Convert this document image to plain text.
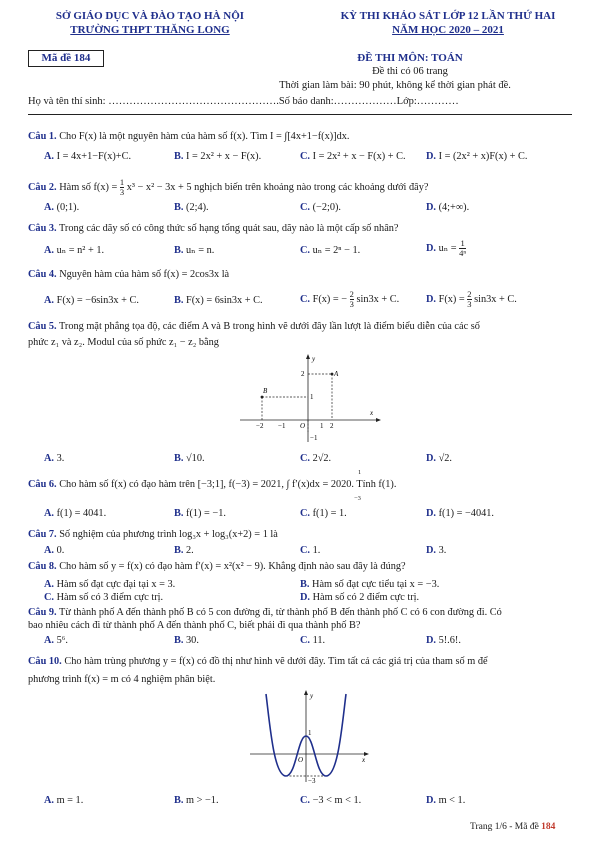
SỞ GIÁO DỤC VÀ ĐÀO TẠO HÀ NỘI
TRƯỜNG THPT THĂNG LONG
KỲ THI KHẢO SÁT LỚP 12 LẦN THỨ HAI
NĂM HỌC 2020 – 2021
Mã đề 184	ĐỀ THI MÔN: TOÁN
Đề thi có 06 trang
Thời gian làm bài: 90 phút, không kể thời gian phát đề.
Họ và tên thí sinh: ………………………………………….Số báo danh:………………Lớp:…………
Câu 1. Cho F(x) là một nguyên hàm của hàm số f(x). Tìm I = ∫[4x+1−f(x)]dx.
A. I = 4x+1−F(x)+C.	B. I = 2x² + x − F(x).	C. I = 2x² + x − F(x) + C. D. I = (2x² + x)F(x) + C.
Câu 2. Hàm số $f(x) = \frac{1}{3} x^3 - x^2 - 3x + 5$ nghịch biến trên khoảng nào trong các khoảng dưới đây?
A. (0;1).	B. (2;4).	C. (−2;0).	D. (4;+∞).
Câu 3. Trong các dãy số có công thức số hạng tổng quát sau, dãy nào là một cấp số nhân?
A. uₙ = n² + 1.	B. uₙ = n.	C. uₙ = 2ⁿ − 1.	D. $u_n = \frac{1}{\text{4ⁿ}}$
Câu 4. Nguyên hàm của hàm số f(x) = 2cos3x là
A. F(x) = −6sin3x + C.	B. F(x) = 6sin3x + C.	C. F(x) = − $\frac{2}{3} \sin 3x + C$.	D. $F(x) = \frac{2}{3} \sin 3x + C$.
Câu 5. Trong mặt phẳng tọa độ, các điểm A và B trong hình vẽ dưới đây lần lượt là điểm biểu diễn của các số
phức z₁ và z₂. Modul của số phức z₁ − z₂ bằng
A
B
y
x
O
2
1
−1
−2 −1	1 2
A. 3.	B. √10.	C. 2√2.	D. √2.
Câu 6. Cho hàm số f(x) có đạo hàm trên [−3;1], f(−3) = 2021, ∫ f′(x)dx = 2020. Tính f(1).
1
−3
A. f(1) = 4041.	B. f(1) = −1.	C. f(1) = 1.	D. f(1) = −4041.
Câu 7. Số nghiệm của phương trình log₃x + log₃(x+2) = 1 là
A. 0.	B. 2.	C. 1.	D. 3.
Câu 8. Cho hàm số y = f(x) có đạo hàm f′(x) = x²(x² − 9). Khẳng định nào sau đây là đúng?
A. Hàm số đạt cực đại tại x = 3.	B. Hàm số đạt cực tiểu tại x = −3.
C. Hàm số có 3 điểm cực trị.	D. Hàm số có 2 điểm cực trị.
Câu 9. Từ thành phố A đến thành phố B có 5 con đường đi, từ thành phố B đến thành phố C có 6 con đường đi. Có
bao nhiêu cách đi từ thành phố A đến thành phố C, biết phải đi qua thành phố B?
A. 5⁶.	B. 30.	C. 11.	D. 5!.6!.
Câu 10. Cho hàm trùng phương y = f(x) có đồ thị như hình vẽ dưới đây. Tìm tất cả các giá trị của tham số m để
phương trình f(x) = m có 4 nghiệm phân biệt.
y
x
O
1
−3
A. m = 1.	B. m > −1.	C. −3 < m < 1.	D. m < 1.
Trang 1/6 - Mã đề 184
